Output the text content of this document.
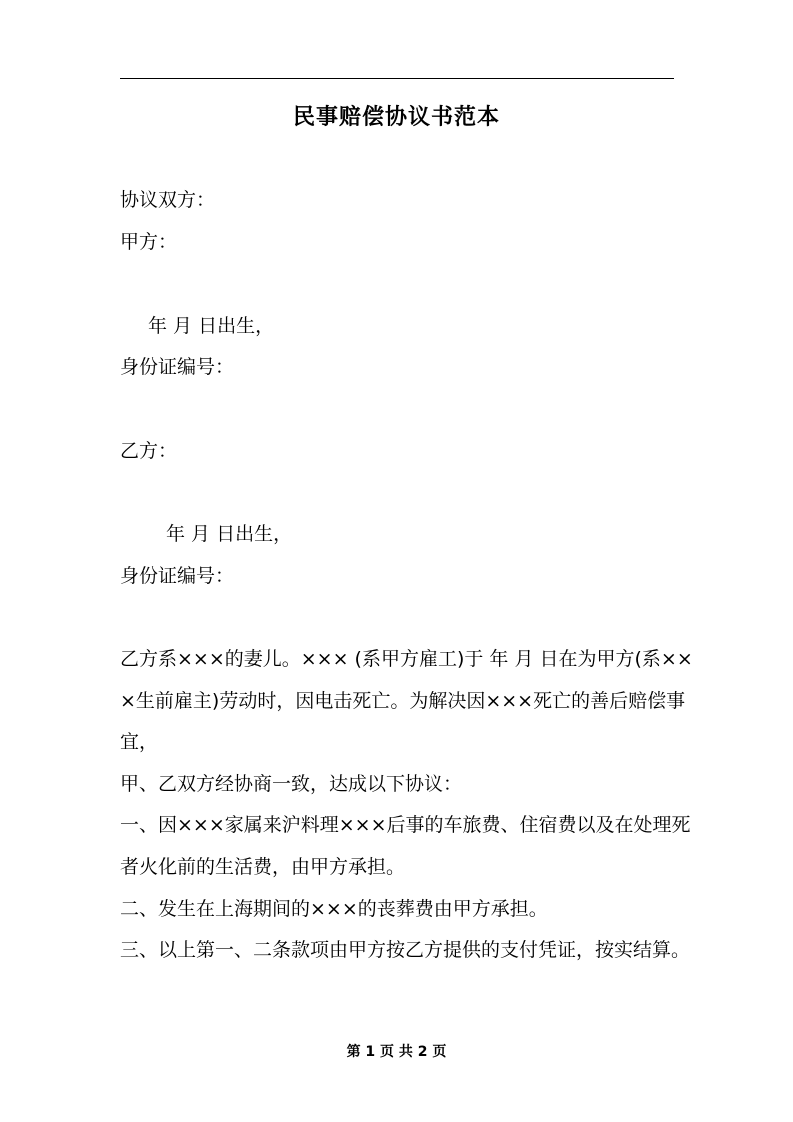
民事赔偿协议书范本
协议双方：
甲方：
年 月 日出生，
身份证编号：
乙方：
年 月 日出生，
身份证编号：
乙方系×××的妻儿。××× (系甲方雇工)于 年 月 日在为甲方(系××
×生前雇主)劳动时，因电击死亡。为解决因×××死亡的善后赔偿事
宜，
甲、乙双方经协商一致，达成以下协议：
一、因×××家属来沪料理×××后事的车旅费、住宿费以及在处理死
者火化前的生活费，由甲方承担。
二、发生在上海期间的×××的丧葬费由甲方承担。
三、以上第一、二条款项由甲方按乙方提供的支付凭证，按实结算。
第 1 页 共 2 页
